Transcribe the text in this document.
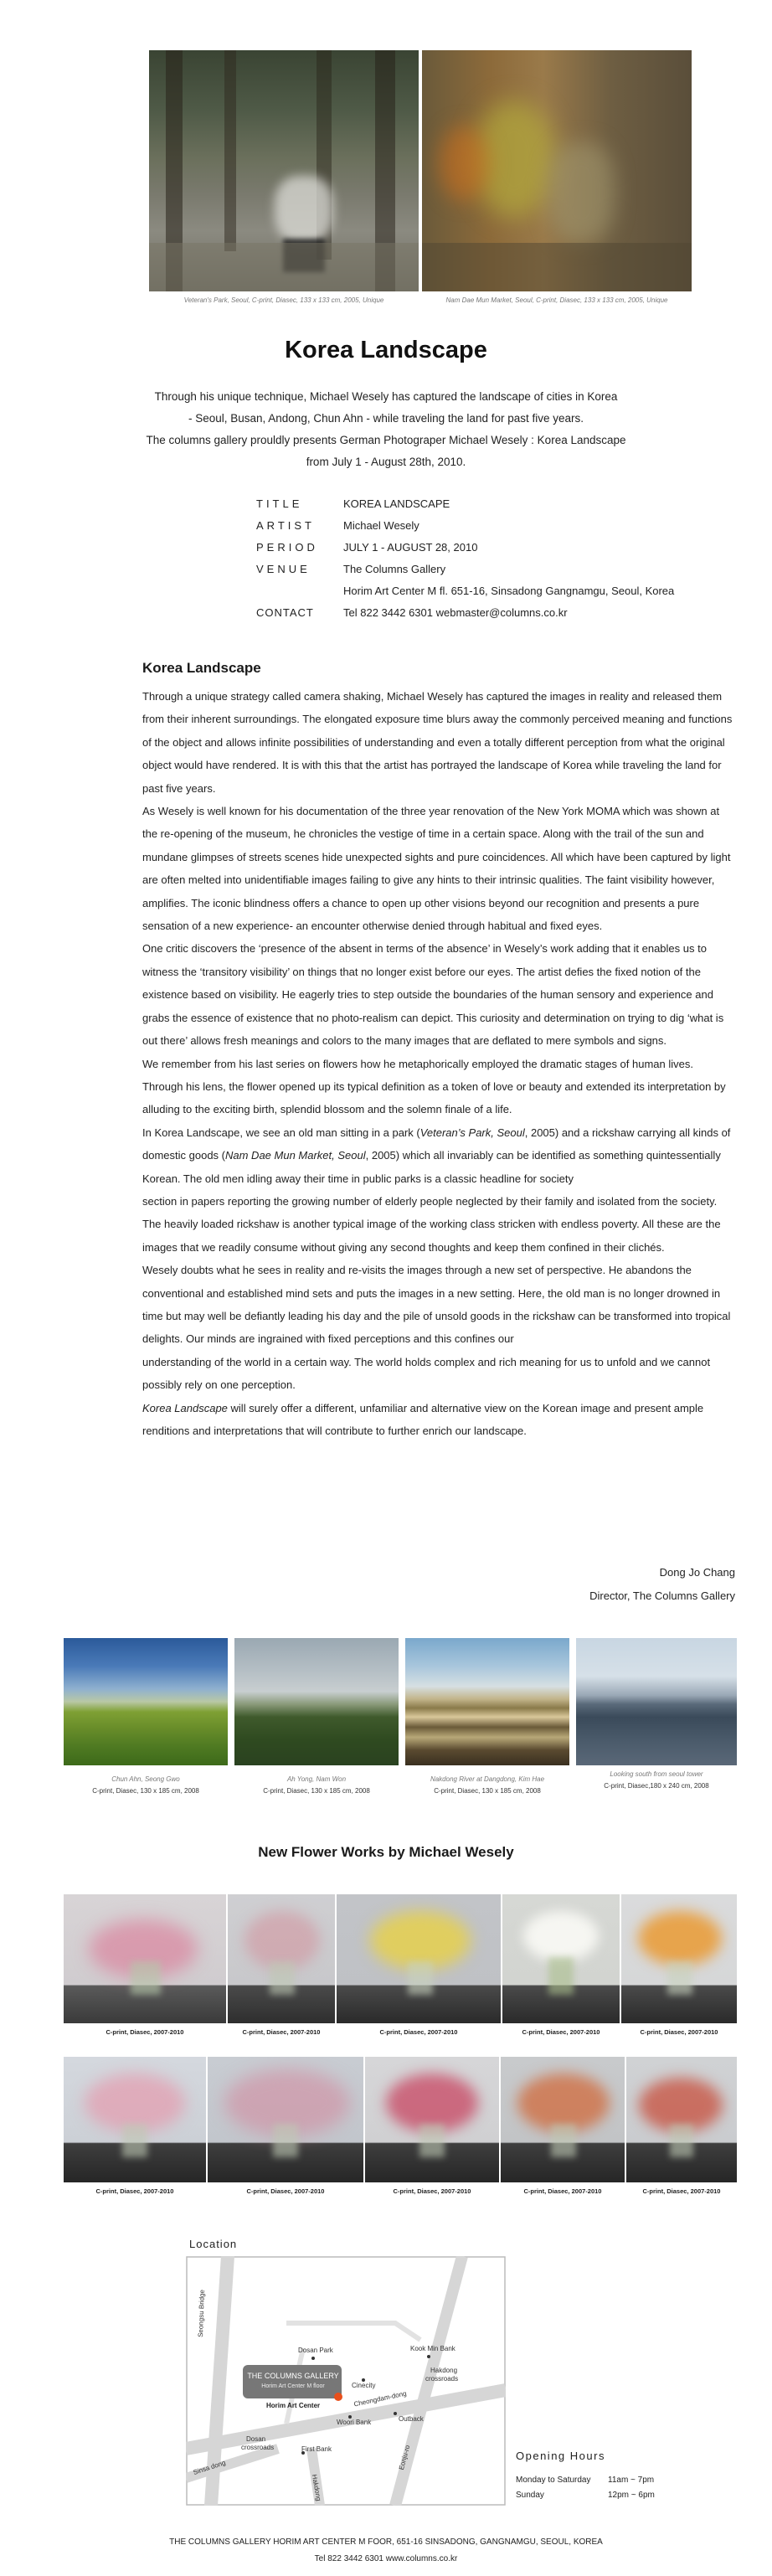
Veteran's Park, Seoul, C-print, Diasec, 133 x 133 cm, 2005, Unique	Nam Dae Mun Market, Seoul, C-print, Diasec, 133 x 133 cm, 2005, Unique
Korea Landscape
Through his unique technique, Michael Wesely has captured the landscape of cities in Korea
- Seoul, Busan, Andong, Chun Ahn - while traveling the land for past five years.
The columns gallery prouldly presents German Photograper Michael Wesely : Korea Landscape
from July 1 - August 28th, 2010.
TITLE	KOREA LANDSCAPE
ARTIST	Michael Wesely
PERIOD JULY 1 - AUGUST 28, 2010
VENUE	The Columns Gallery
Horim Art Center M fl. 651-16, Sinsadong Gangnamgu, Seoul, Korea
CONTACT	Tel 822 3442 6301 webmaster@columns.co.kr
Korea Landscape

Through a unique strategy called camera shaking, Michael Wesely has captured the images in reality and released them from their inherent surroundings. The elongated exposure time blurs away the commonly perceived meaning and functions of the object and allows infinite possibilities of understanding and even a totally different perception from what the original object would have rendered. It is with this that the artist has portrayed the landscape of Korea while traveling the land for past five years.

As Wesely is well known for his documentation of the three year renovation of the New York MOMA which was shown at the re-opening of the museum, he chronicles the vestige of time in a certain space. Along with the trail of the sun and mundane glimpses of streets scenes hide unexpected sights and pure coincidences. All which have been captured by light are often melted into unidentifiable images failing to give any hints to their intrinsic qualities. The faint visibility however, amplifies. The iconic blindness offers a chance to open up other visions beyond our recognition and presents a pure sensation of a new experience- an encounter otherwise denied through habitual and fixed eyes.

One critic discovers the ‘presence of the absent in terms of the absence’ in Wesely’s work adding that it enables us to witness the ‘transitory visibility’ on things that no longer exist before our eyes. The artist defies the fixed notion of the existence based on visibility. He eagerly tries to step outside the boundaries of the human sensory and experience and grabs the essence of existence that no photo-realism can depict. This curiosity and determination on trying to dig ‘what is out there’ allows fresh meanings and colors to the many images that are deflated to mere symbols and signs.

We remember from his last series on flowers how he metaphorically employed the dramatic stages of human lives. Through his lens, the flower opened up its typical definition as a token of love or beauty and extended its interpretation by alluding to the exciting birth, splendid blossom and the solemn finale of a life.

In Korea Landscape, we see an old man sitting in a park (Veteran’s Park, Seoul, 2005) and a rickshaw carrying all kinds of domestic goods (Nam Dae Mun Market, Seoul, 2005) which all invariably can be identified as something quintessentially Korean. The old men idling away their time in public parks is a classic headline for society

section in papers reporting the growing number of elderly people neglected by their family and isolated from the society. The heavily loaded rickshaw is another typical image of the working class stricken with endless poverty. All these are the images that we readily consume without giving any second thoughts and keep them confined in their clichés.

Wesely doubts what he sees in reality and re-visits the images through a new set of perspective. He abandons the conventional and established mind sets and puts the images in a new setting. Here, the old man is no longer drowned in time but may well be defiantly leading his day and the pile of unsold goods in the rickshaw can be transformed into tropical delights. Our minds are ingrained with fixed perceptions and this confines our

understanding of the world in a certain way. The world holds complex and rich meaning for us to unfold and we cannot possibly rely on one perception.

Korea Landscape will surely offer a different, unfamiliar and alternative view on the Korean image and present ample renditions and interpretations that will contribute to further enrich our landscape.

Dong Jo Chang
Director, The Columns Gallery
Chun Ahn, Seong Gwo
C-print, Diasec, 130 x 185 cm, 2008
Ah Yong, Nam Won
C-print, Diasec, 130 x 185 cm, 2008
Nakdong River at Dangdong, Kim Hae
C-print, Diasec, 130 x 185 cm, 2008
Looking south from seoul tower
C-print, Diasec,180 x 240 cm, 2008
New Flower Works by Michael Wesely
C-print, Diasec, 2007-2010	C-print, Diasec, 2007-2010	C-print, Diasec, 2007-2010	C-print, Diasec, 2007-2010	C-print, Diasec, 2007-2010
C-print, Diasec, 2007-2010	C-print, Diasec, 2007-2010	C-print, Diasec, 2007-2010	C-print, Diasec, 2007-2010	C-print, Diasec, 2007-2010
Location
THE COLUMNS GALLERY
Horim Art Center M floor
Horim Art Center
Dosan Park
Seongsu Bridge
Kook Min Bank
Hakdong
crossroads
Cheongdam-dong
Cinecity
Woori Bank	Outback
Dosan
crossroads	First Bank
Sinsa dong
Hakdong
Eonju-ro	Opening Hours
Monday to Saturday 11am ~ 7pm
Sunday	12pm ~ 6pm
THE COLUMNS GALLERY HORIM ART CENTER M FOOR, 651-16 SINSADONG, GANGNAMGU, SEOUL, KOREA
Tel 822 3442 6301 www.columns.co.kr
